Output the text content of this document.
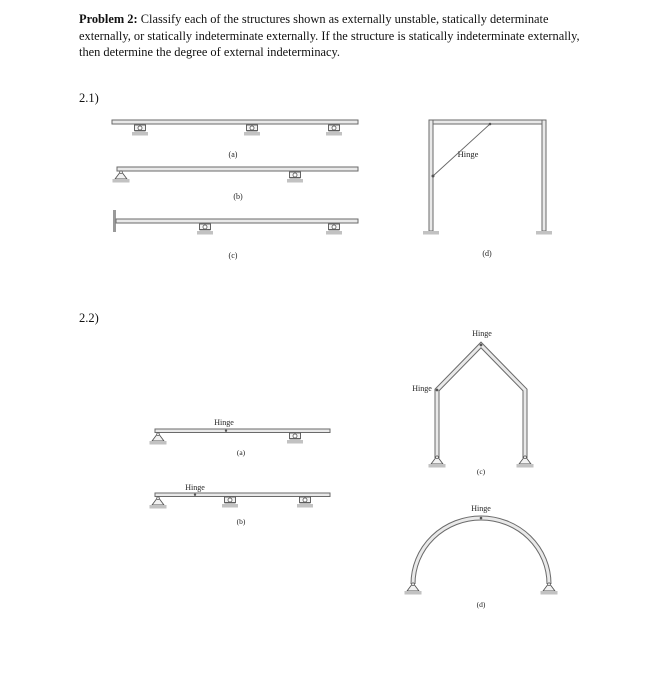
Problem 2: Classify each of the structures shown as externally unstable, statically determinate externally, or statically indeterminate externally. If the structure is statically indeterminate externally, then determine the degree of external indeterminacy.

2.1)
2.2)
(a)
(b)
(c)
Hinge
(d)
Hinge
(a)
Hinge
(b)
Hinge
Hinge
(c)
Hinge
(d)
